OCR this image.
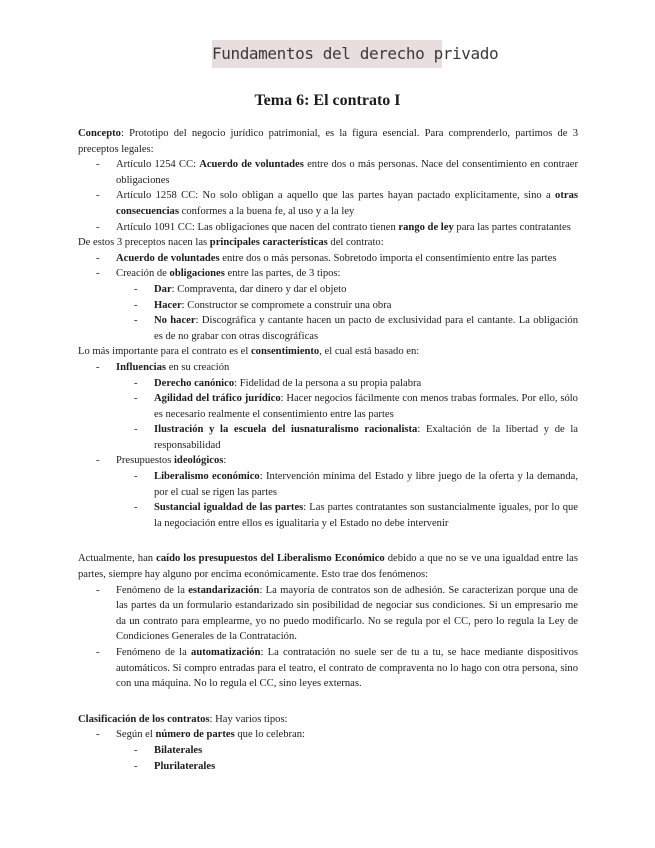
Fundamentos del derecho privado
Tema 6: El contrato I

Concepto: Prototipo del negocio jurídico patrimonial, es la figura esencial. Para comprenderlo, partimos de 3 preceptos legales:

- Artículo 1254 CC: Acuerdo de voluntades entre dos o más personas. Nace del consentimiento en contraer obligaciones
- Artículo 1258 CC: No solo obligan a aquello que las partes hayan pactado explícitamente, sino a otras consecuencias conformes a la buena fe, al uso y a la ley
- Artículo 1091 CC: Las obligaciones que nacen del contrato tienen rango de ley para las partes contratantes

De estos 3 preceptos nacen las principales características del contrato:

- Acuerdo de voluntades entre dos o más personas. Sobretodo importa el consentimiento entre las partes
- Creación de obligaciones entre las partes, de 3 tipos:
- Dar: Compraventa, dar dinero y dar el objeto
- Hacer: Constructor se compromete a construir una obra
- No hacer: Discográfica y cantante hacen un pacto de exclusividad para el cantante. La obligación es de no grabar con otras discográficas

Lo más importante para el contrato es el consentimiento, el cual está basado en:

- Influencias en su creación
- Derecho canónico: Fidelidad de la persona a su propia palabra
- Agilidad del tráfico jurídico: Hacer negocios fácilmente con menos trabas formales. Por ello, sólo es necesario realmente el consentimiento entre las partes
- Ilustración y la escuela del iusnaturalismo racionalista: Exaltación de la libertad y de la responsabilidad
- Presupuestos ideológicos:
- Liberalismo económico: Intervención mínima del Estado y libre juego de la oferta y la demanda, por el cual se rigen las partes
- Sustancial igualdad de las partes: Las partes contratantes son sustancialmente iguales, por lo que la negociación entre ellos es igualitaria y el Estado no debe intervenir

Actualmente, han caído los presupuestos del Liberalismo Económico debido a que no se ve una igualdad entre las partes, siempre hay alguno por encima económicamente. Esto trae dos fenómenos:

- Fenómeno de la estandarización: La mayoría de contratos son de adhesión. Se caracterizan porque una de las partes da un formulario estandarizado sin posibilidad de negociar sus condiciones. Si un empresario me da un contrato para emplearme, yo no puedo modificarlo. No se regula por el CC, pero lo regula la Ley de Condiciones Generales de la Contratación.
- Fenómeno de la automatización: La contratación no suele ser de tu a tu, se hace mediante dispositivos automáticos. Si compro entradas para el teatro, el contrato de compraventa no lo hago con otra persona, sino con una máquina. No lo regula el CC, sino leyes externas.

Clasificación de los contratos: Hay varios tipos:

- Según el número de partes que lo celebran:
- Bilaterales
- Plurilaterales
